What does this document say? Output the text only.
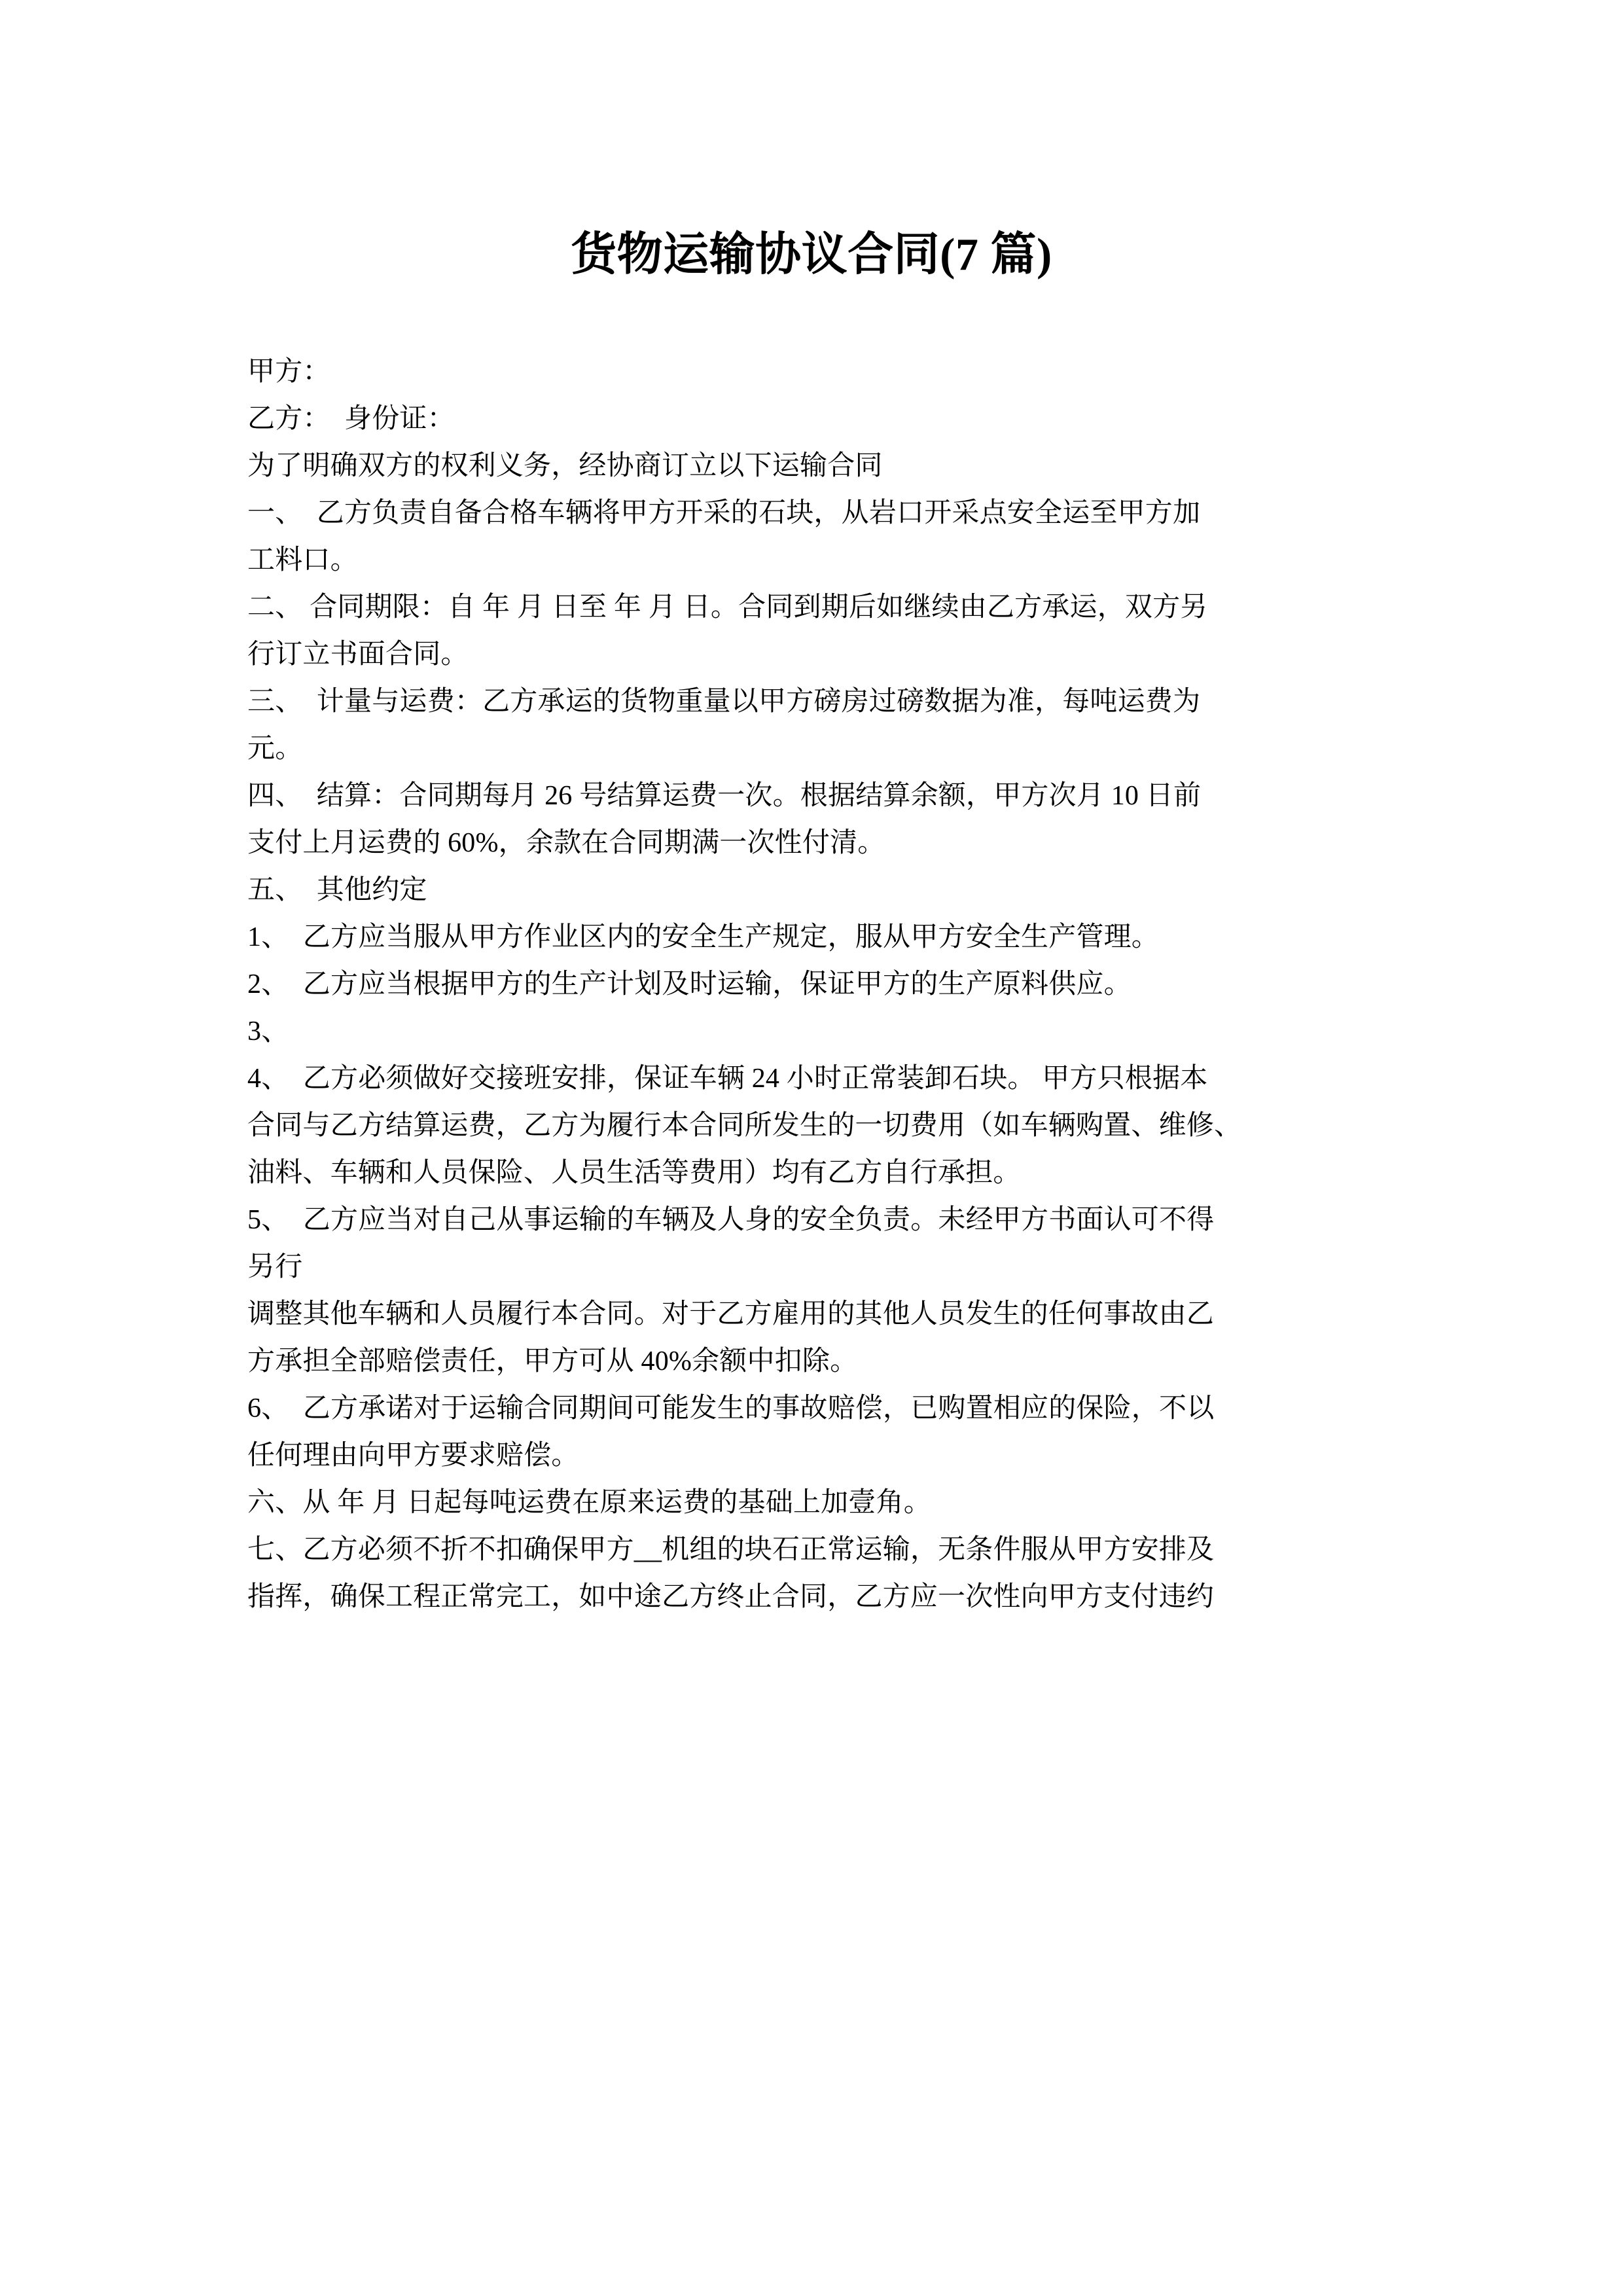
货物运输协议合同(7 篇)
甲方：
乙方：  身份证：
为了明确双方的权利义务，经协商订立以下运输合同
一、  乙方负责自备合格车辆将甲方开采的石块，从岩口开采点安全运至甲方加
工料口。
二、 合同期限：自 年 月 日至 年 月 日。合同到期后如继续由乙方承运，双方另
行订立书面合同。
三、  计量与运费：乙方承运的货物重量以甲方磅房过磅数据为准，每吨运费为
元。
四、  结算：合同期每月 26 号结算运费一次。根据结算余额，甲方次月 10 日前
支付上月运费的 60%，余款在合同期满一次性付清。
五、  其他约定
1、  乙方应当服从甲方作业区内的安全生产规定，服从甲方安全生产管理。
2、  乙方应当根据甲方的生产计划及时运输，保证甲方的生产原料供应。
3、
4、  乙方必须做好交接班安排，保证车辆 24 小时正常装卸石块。 甲方只根据本
合同与乙方结算运费，乙方为履行本合同所发生的一切费用（如车辆购置、维修、
油料、车辆和人员保险、人员生活等费用）均有乙方自行承担。
5、  乙方应当对自己从事运输的车辆及人身的安全负责。未经甲方书面认可不得
另行
调整其他车辆和人员履行本合同。对于乙方雇用的其他人员发生的任何事故由乙
方承担全部赔偿责任，甲方可从 40%余额中扣除。
6、  乙方承诺对于运输合同期间可能发生的事故赔偿，已购置相应的保险，不以
任何理由向甲方要求赔偿。
六、从 年 月 日起每吨运费在原来运费的基础上加壹角。
七、乙方必须不折不扣确保甲方__机组的块石正常运输，无条件服从甲方安排及
指挥，确保工程正常完工，如中途乙方终止合同，乙方应一次性向甲方支付违约
